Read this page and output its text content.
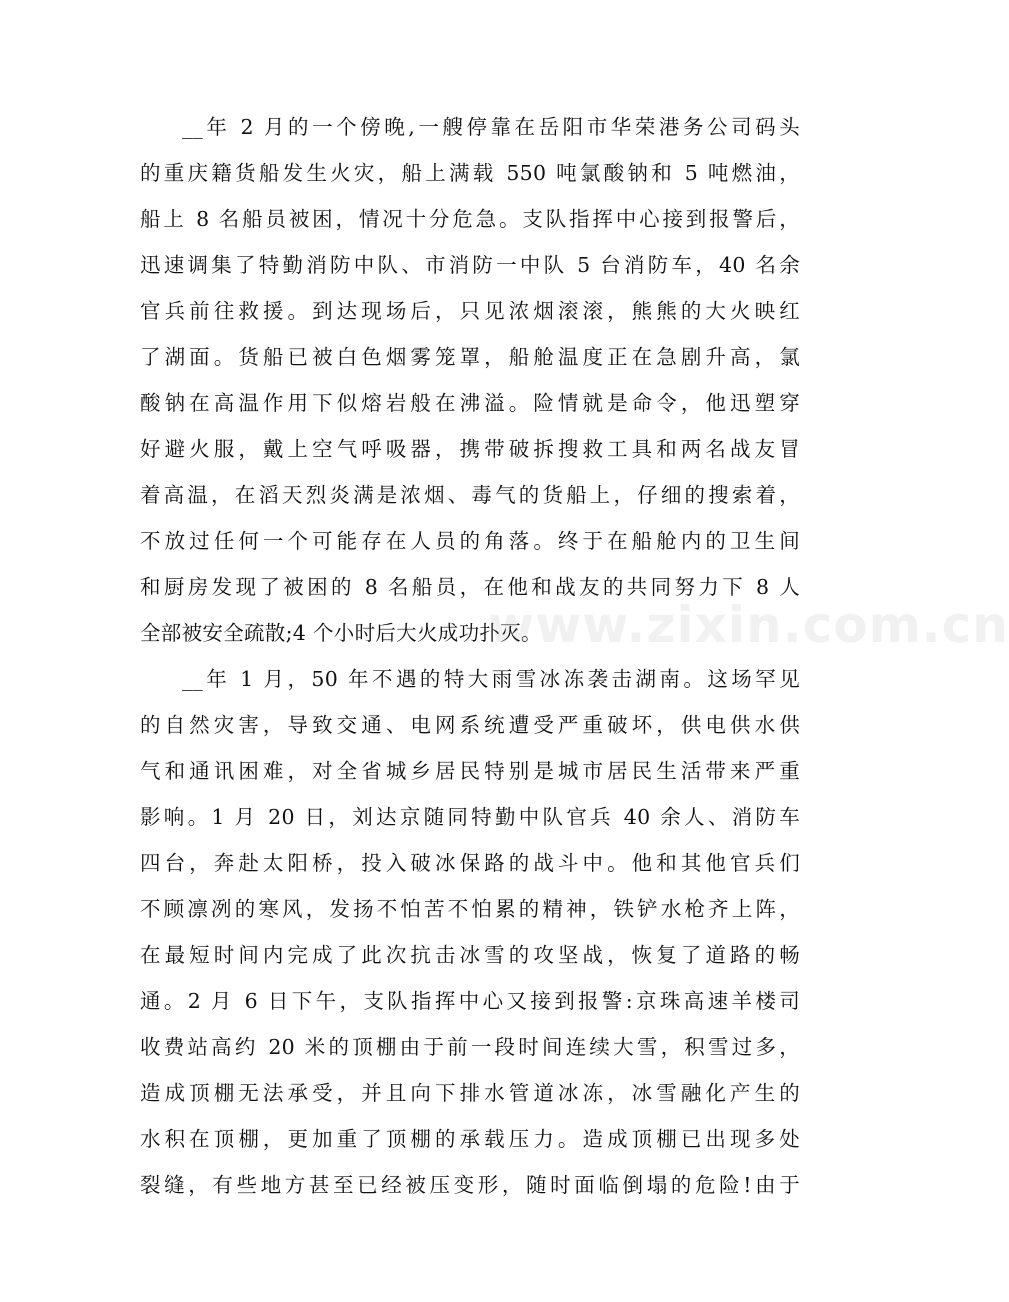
__年 2 月的一个傍晚,一艘停靠在岳阳市华荣港务公司码头
的重庆籍货船发生火灾，船上满载 550 吨氯酸钠和 5 吨燃油，
船上 8 名船员被困，情况十分危急。支队指挥中心接到报警后，
迅速调集了特勤消防中队、市消防一中队 5 台消防车，40 名余
官兵前往救援。到达现场后，只见浓烟滚滚，熊熊的大火映红
了湖面。货船已被白色烟雾笼罩，船舱温度正在急剧升高，氯
酸钠在高温作用下似熔岩般在沸溢。险情就是命令，他迅塑穿
好避火服，戴上空气呼吸器，携带破拆搜救工具和两名战友冒
着高温，在滔天烈炎满是浓烟、毒气的货船上，仔细的搜索着，
不放过任何一个可能存在人员的角落。终于在船舱内的卫生间
和厨房发现了被困的 8 名船员，在他和战友的共同努力下 8 人
全部被安全疏散;4 个小时后大火成功扑灭。
__年 1 月，50 年不遇的特大雨雪冰冻袭击湖南。这场罕见
的自然灾害，导致交通、电网系统遭受严重破坏，供电供水供
气和通讯困难，对全省城乡居民特别是城市居民生活带来严重
影响。1 月 20 日，刘达京随同特勤中队官兵 40 余人、消防车
四台，奔赴太阳桥，投入破冰保路的战斗中。他和其他官兵们
不顾凛冽的寒风，发扬不怕苦不怕累的精神，铁铲水枪齐上阵，
在最短时间内完成了此次抗击冰雪的攻坚战，恢复了道路的畅
通。2 月 6 日下午，支队指挥中心又接到报警:京珠高速羊楼司
收费站高约 20 米的顶棚由于前一段时间连续大雪，积雪过多，
造成顶棚无法承受，并且向下排水管道冰冻，冰雪融化产生的
水积在顶棚，更加重了顶棚的承载压力。造成顶棚已出现多处
裂缝，有些地方甚至已经被压变形，随时面临倒塌的危险!由于
www.zixin.com.cn
